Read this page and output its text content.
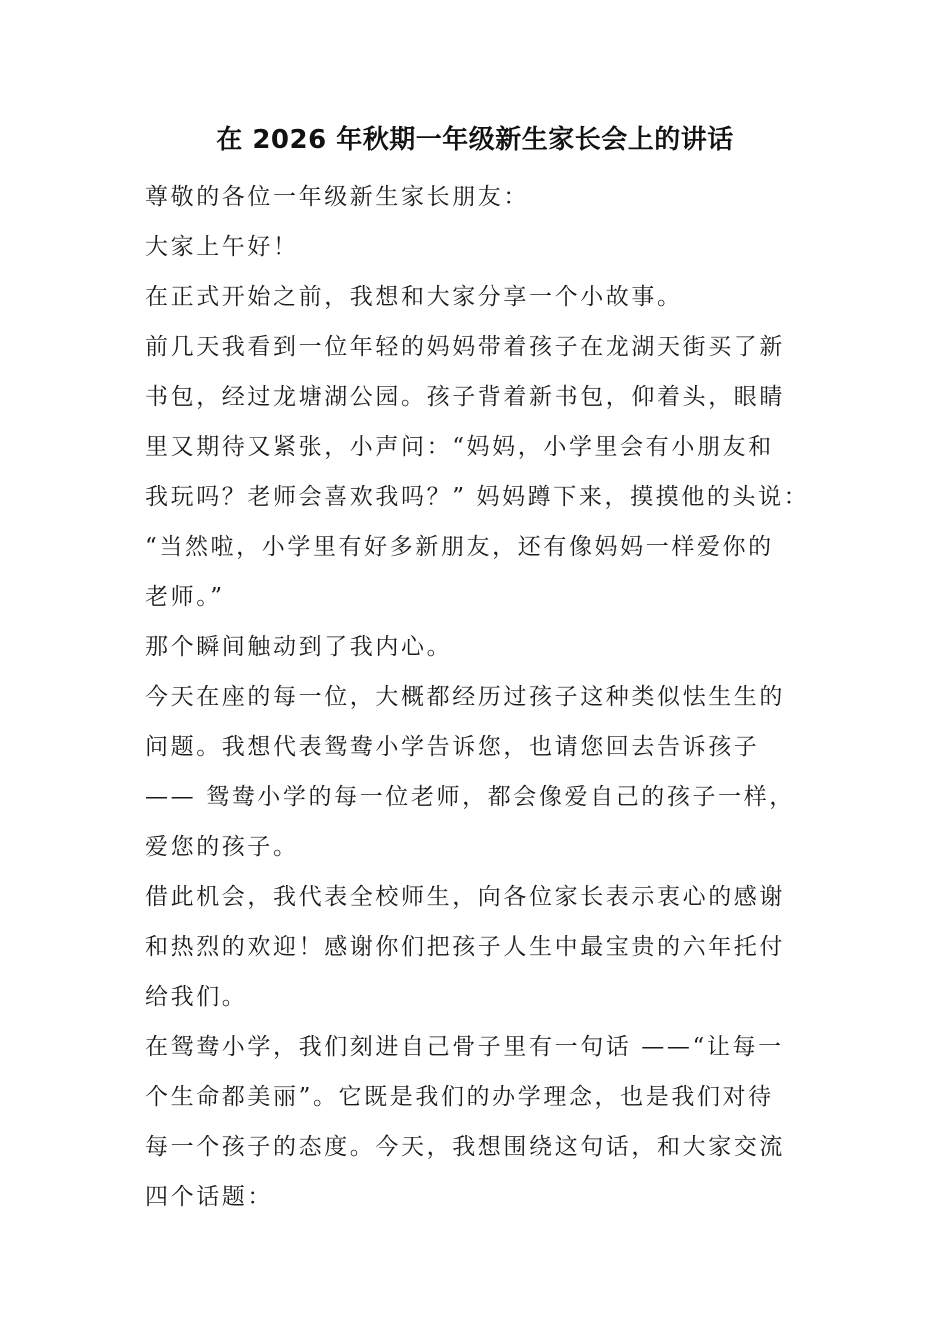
在 2026 年秋期一年级新生家长会上的讲话
尊敬的各位一年级新生家长朋友：
大家上午好！
在正式开始之前，我想和大家分享一个小故事。
前几天我看到一位年轻的妈妈带着孩子在龙湖天街买了新
书包，经过龙塘湖公园。孩子背着新书包，仰着头，眼睛
里又期待又紧张，小声问：“妈妈，小学里会有小朋友和
我玩吗？老师会喜欢我吗？” 妈妈蹲下来，摸摸他的头说：
“当然啦，小学里有好多新朋友，还有像妈妈一样爱你的
老师。”
那个瞬间触动到了我内心。
今天在座的每一位，大概都经历过孩子这种类似怯生生的
问题。我想代表鸳鸯小学告诉您，也请您回去告诉孩子
—— 鸳鸯小学的每一位老师，都会像爱自己的孩子一样，
爱您的孩子。
借此机会，我代表全校师生，向各位家长表示衷心的感谢
和热烈的欢迎！感谢你们把孩子人生中最宝贵的六年托付
给我们。
在鸳鸯小学，我们刻进自己骨子里有一句话 ——“让每一
个生命都美丽”。它既是我们的办学理念，也是我们对待
每一个孩子的态度。今天，我想围绕这句话，和大家交流
四个话题：
